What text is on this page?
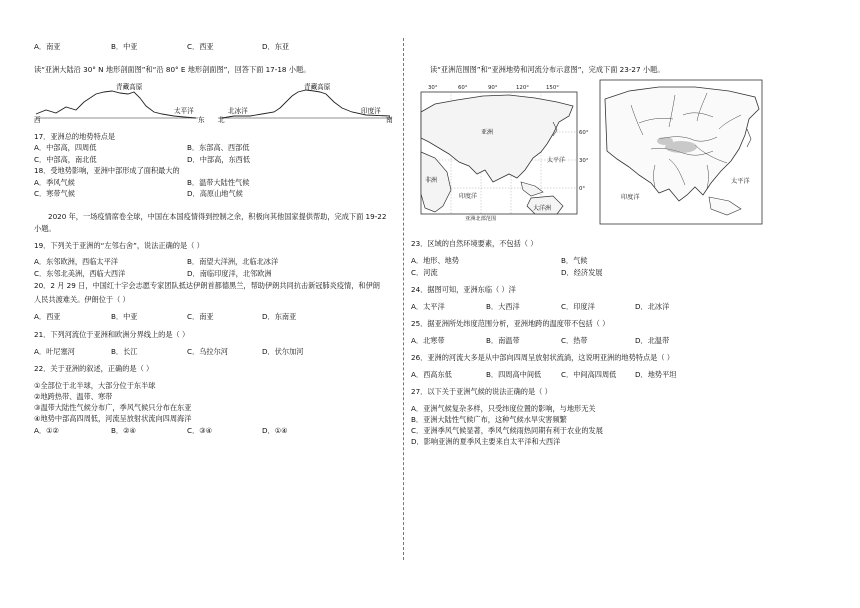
A．南亚	B．中亚	C．西亚	D．东亚
读“亚洲大陆沿 30° N 地形剖面图”和“沿 80° E 地形剖面图”，回答下面 17-18 小题。
青藏高原
太平洋
西	东
青藏高原
北冰洋	印度洋
北	南
17．亚洲总的地势特点是
A．中部高，四周低	B．东部高、西部低
C．中部高，南北低	D．中部高，东西低
18．受地势影响，亚洲中部形成了面积最大的
A．季风气候	B．温带大陆性气候
C．寒带气候	D．高原山地气候
2020 年，一场疫情席卷全球，中国在本国疫情得到控制之余，积极向其他国家提供帮助，完成下面 19-22
小题。
19．下列关于亚洲的“左邻右舍”，说法正确的是（ ）
A．东邻欧洲，西临太平洋	B．南望大洋洲，北临北冰洋
C．东邻北美洲，西临大西洋	D．南临印度洋，北邻欧洲
20．2 月 29 日，中国红十字会志愿专家团队抵达伊朗首都德黑兰，帮助伊朗共同抗击新冠肺炎疫情，和伊朗
人民共渡难关。伊朗位于（ ）
A．西亚	B．中亚	C．南亚	D．东南亚
21．下列河流位于亚洲和欧洲分界线上的是（ ）
A．叶尼塞河	B．长江	C．乌拉尔河	D．伏尔加河
22．关于亚洲的叙述，正确的是（ ）
①全部位于北半球，大部分位于东半球
②地跨热带、温带、寒带
③温带大陆性气候分布广，季风气候只分布在东亚
④地势中部高四周低，河流呈放射状流向四周海洋
A．①②	B．②④	C．③④	D．①④
读“亚洲范围图”和“亚洲地势和河流分布示意图”，完成下面 23-27 小题。
30°	60°	90°	120°	150°
60°
30°
0°
亚洲
太平洋
非洲
印度洋
大洋洲
亚洲北部范围
印度洋
太平洋
23．区域的自然环境要素，不包括（ ）
A．地形、地势	B．气候
C．河流	D．经济发展
24．据图可知，亚洲东临（ ）洋
A．太平洋	B．大西洋	C．印度洋	D．北冰洋
25．据亚洲所处纬度范围分析，亚洲地跨的温度带不包括（ ）
A．北寒带	B．南温带	C．热带	D．北温带
26．亚洲的河流大多是从中部向四周呈放射状流淌，这说明亚洲的地势特点是（ ）
A．西高东低	B．四周高中间低	C．中间高四周低	D．地势平坦
27．以下关于亚洲气候的说法正确的是（ ）
A．亚洲气候复杂多样，只受纬度位置的影响，与地形无关
B．亚洲大陆性气候广布，这种气候水旱灾害频繁
C．亚洲季风气候显著，季风气候雨热同期有利于农业的发展
D．影响亚洲的夏季风主要来自太平洋和大西洋
